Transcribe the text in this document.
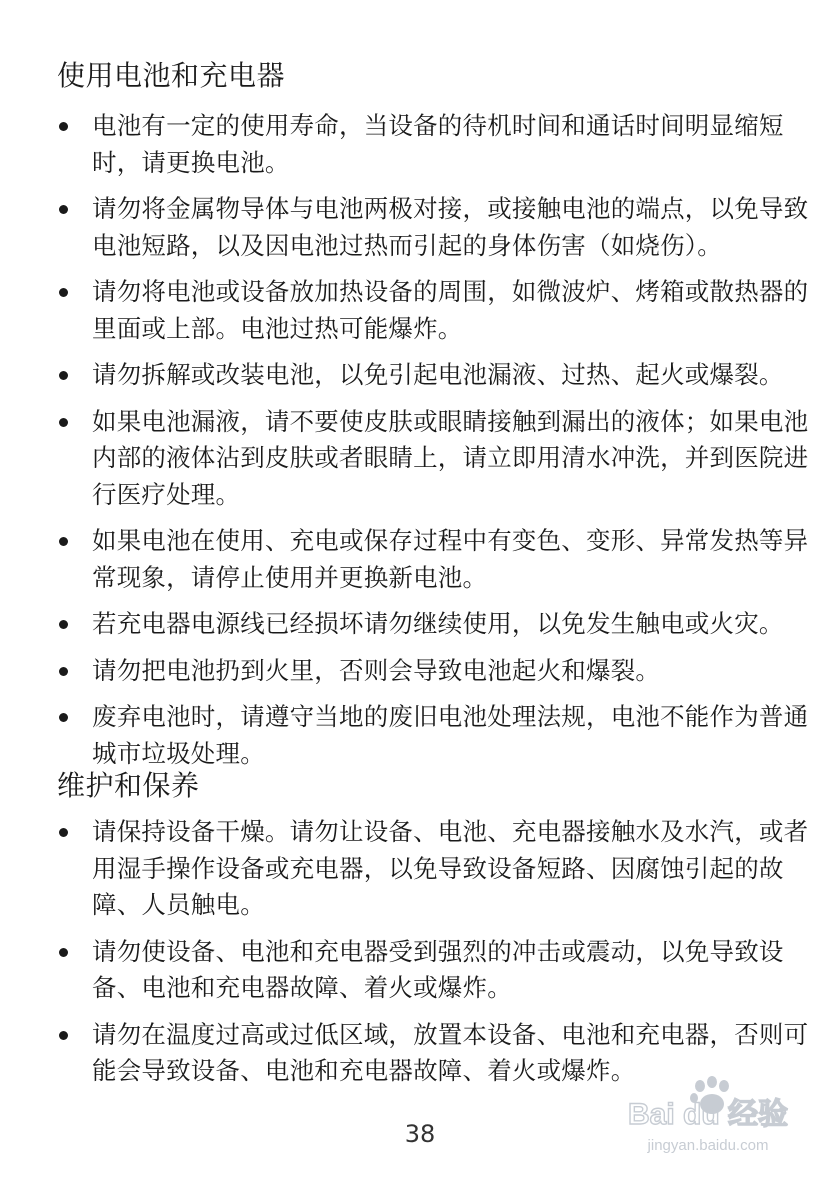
使用电池和充电器
电池有一定的使用寿命，当设备的待机时间和通话时间明显缩短时，请更换电池。
请勿将金属物导体与电池两极对接，或接触电池的端点，以免导致电池短路，以及因电池过热而引起的身体伤害（如烧伤）。
请勿将电池或设备放加热设备的周围，如微波炉、烤箱或散热器的里面或上部。电池过热可能爆炸。
请勿拆解或改装电池，以免引起电池漏液、过热、起火或爆裂。
如果电池漏液，请不要使皮肤或眼睛接触到漏出的液体；如果电池内部的液体沾到皮肤或者眼睛上，请立即用清水冲洗，并到医院进行医疗处理。
如果电池在使用、充电或保存过程中有变色、变形、异常发热等异常现象，请停止使用并更换新电池。
若充电器电源线已经损坏请勿继续使用，以免发生触电或火灾。
请勿把电池扔到火里，否则会导致电池起火和爆裂。
废弃电池时，请遵守当地的废旧电池处理法规，电池不能作为普通城市垃圾处理。
维护和保养
请保持设备干燥。请勿让设备、电池、充电器接触水及水汽，或者用湿手操作设备或充电器，以免导致设备短路、因腐蚀引起的故障、人员触电。
请勿使设备、电池和充电器受到强烈的冲击或震动，以免导致设备、电池和充电器故障、着火或爆炸。
请勿在温度过高或过低区域，放置本设备、电池和充电器，否则可能会导致设备、电池和充电器故障、着火或爆炸。
38
Bai du 经验
jingyan.baidu.com
